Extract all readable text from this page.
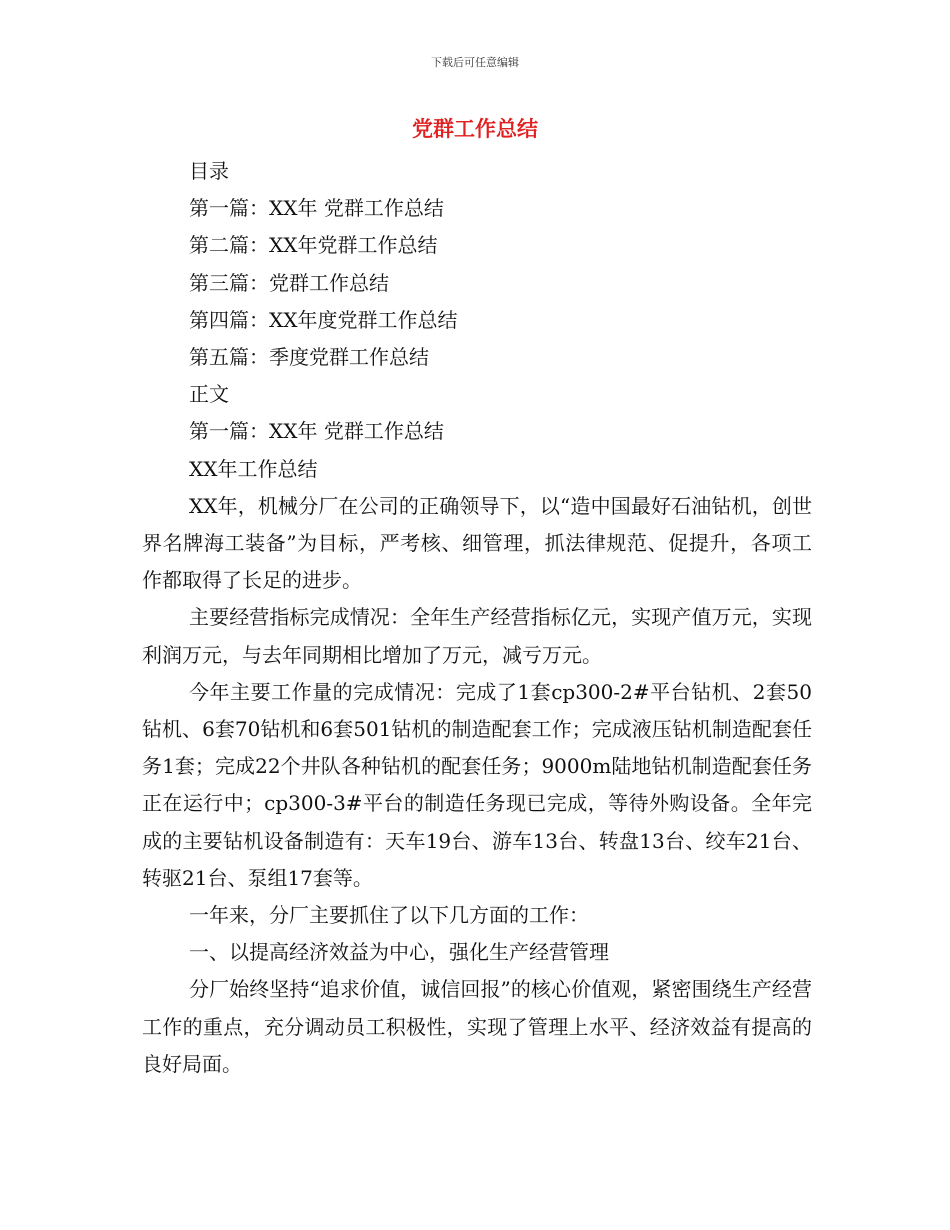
下载后可任意编辑
党群工作总结

目录

第一篇：XX年 党群工作总结

第二篇：XX年党群工作总结

第三篇：党群工作总结

第四篇：XX年度党群工作总结

第五篇：季度党群工作总结

正文

第一篇：XX年 党群工作总结

XX年工作总结

XX年，机械分厂在公司的正确领导下，以“造中国最好石油钻机，创世界名牌海工装备”为目标，严考核、细管理，抓法律规范、促提升，各项工作都取得了长足的进步。

主要经营指标完成情况：全年生产经营指标亿元，实现产值万元，实现利润万元，与去年同期相比增加了万元，减亏万元。

今年主要工作量的完成情况：完成了1套cp300-2#平台钻机、2套50钻机、6套70钻机和6套501钻机的制造配套工作；完成液压钻机制造配套任务1套；完成22个井队各种钻机的配套任务；9000m陆地钻机制造配套任务正在运行中；cp300-3#平台的制造任务现已完成，等待外购设备。全年完成的主要钻机设备制造有：天车19台、游车13台、转盘13台、绞车21台、转驱21台、泵组17套等。

一年来，分厂主要抓住了以下几方面的工作：

一、以提高经济效益为中心，强化生产经营管理

分厂始终坚持“追求价值，诚信回报”的核心价值观，紧密围绕生产经营工作的重点，充分调动员工积极性，实现了管理上水平、经济效益有提高的良好局面。
